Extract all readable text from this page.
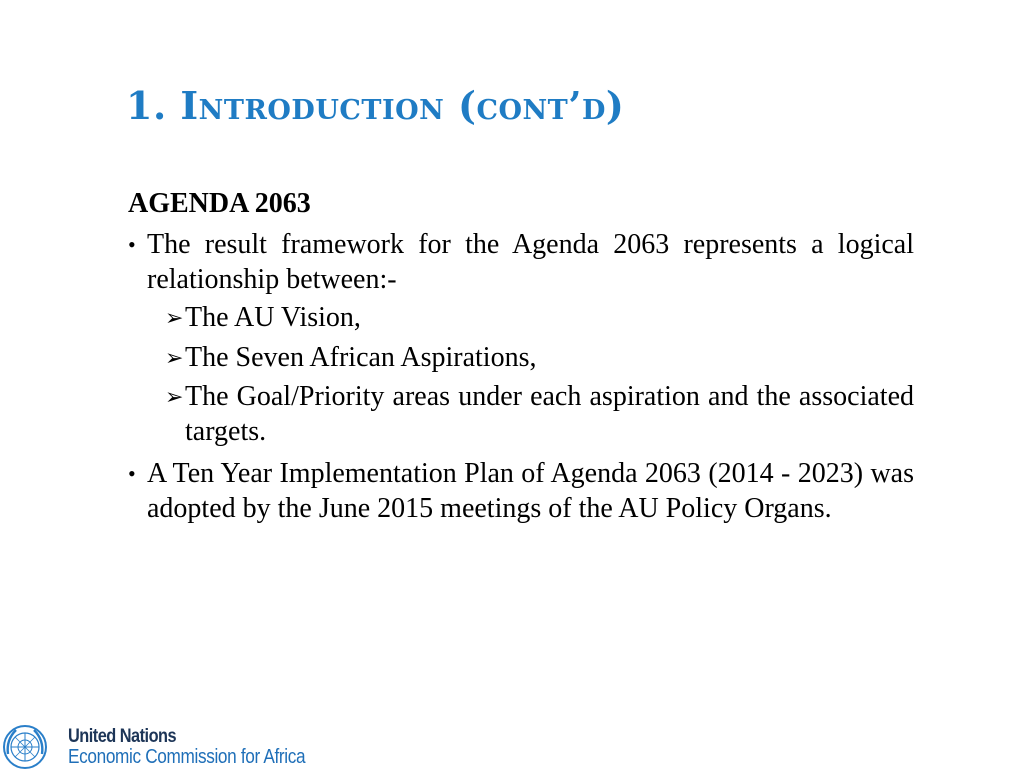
1. Introduction (cont’d)
AGENDA 2063
• The result framework for the Agenda 2063 represents a logical relationship between:-
➢ The AU Vision,
➢ The Seven African Aspirations,
➢ The Goal/Priority areas under each aspiration and the associated targets.
• A Ten Year Implementation Plan of Agenda 2063 (2014 - 2023) was adopted by the June 2015 meetings of the AU Policy Organs.
United Nations
Economic Commission for Africa
